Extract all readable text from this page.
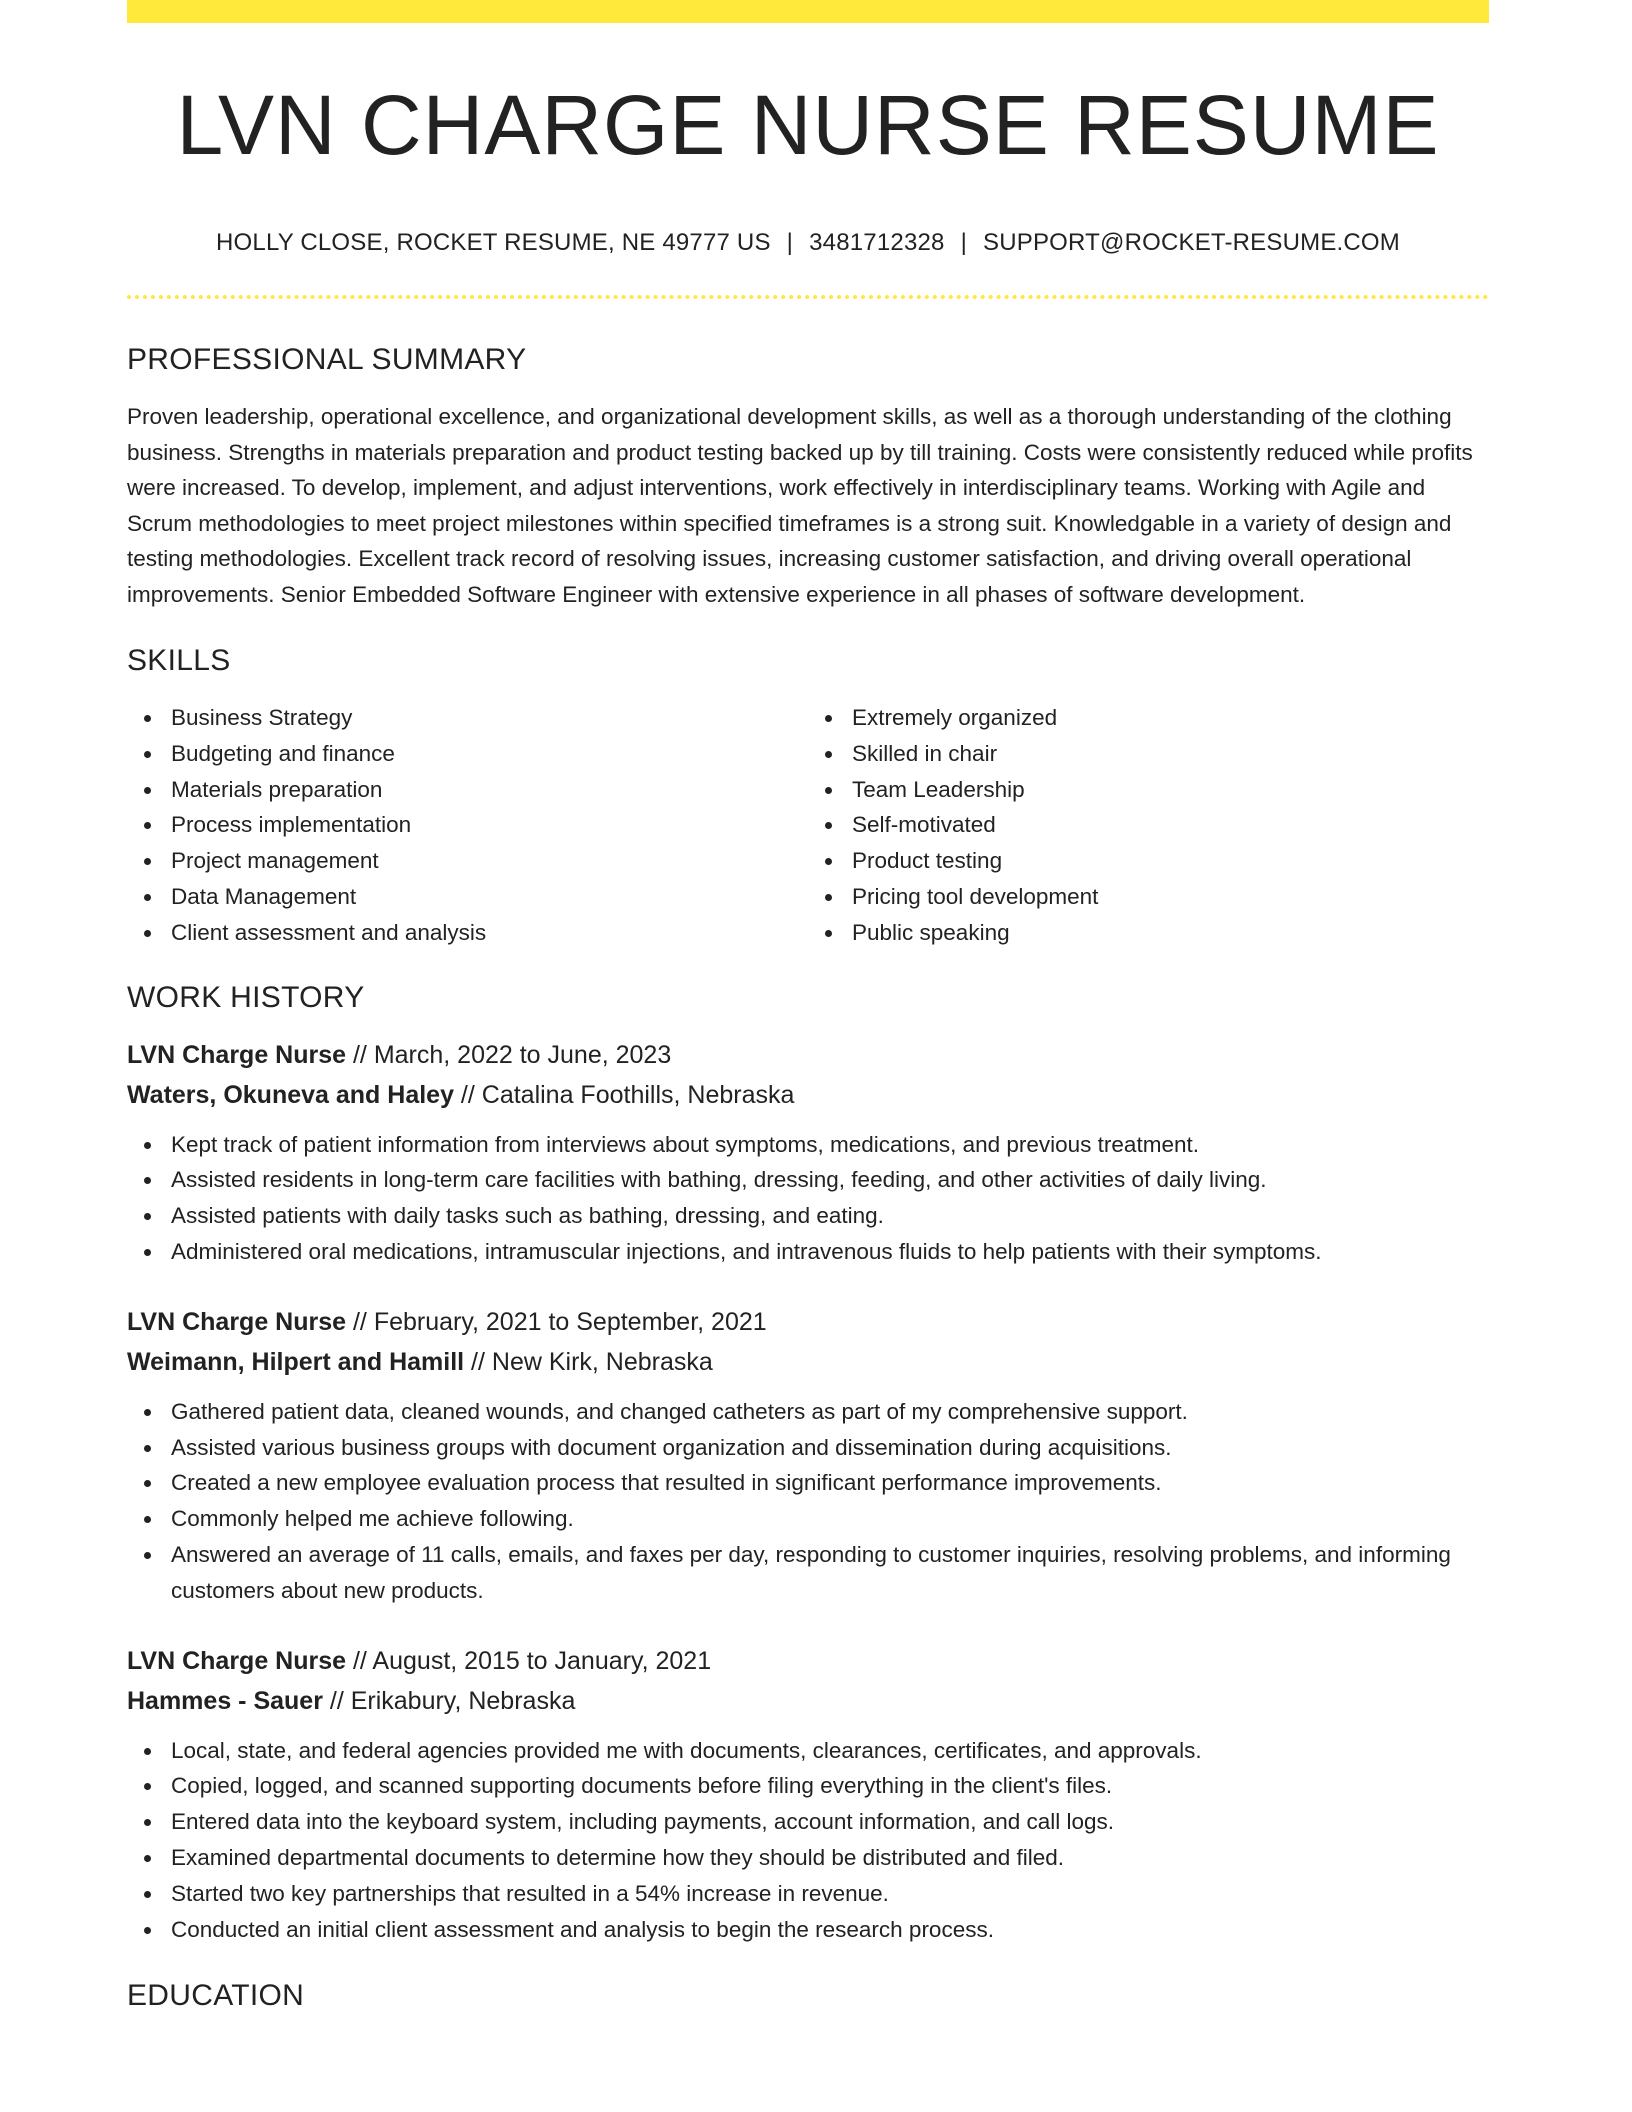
LVN CHARGE NURSE RESUME
HOLLY CLOSE, ROCKET RESUME, NE 49777 US | 3481712328 | SUPPORT@ROCKET-RESUME.COM
PROFESSIONAL SUMMARY

Proven leadership, operational excellence, and organizational development skills, as well as a thorough understanding of the clothing business. Strengths in materials preparation and product testing backed up by till training. Costs were consistently reduced while profits were increased. To develop, implement, and adjust interventions, work effectively in interdisciplinary teams. Working with Agile and Scrum methodologies to meet project milestones within specified timeframes is a strong suit. Knowledgable in a variety of design and testing methodologies. Excellent track record of resolving issues, increasing customer satisfaction, and driving overall operational improvements. Senior Embedded Software Engineer with extensive experience in all phases of software development.

SKILLS
Business Strategy
Budgeting and finance
Materials preparation
Process implementation
Project management
Data Management
Client assessment and analysis
Extremely organized
Skilled in chair
Team Leadership
Self-motivated
Product testing
Pricing tool development
Public speaking
WORK HISTORY
LVN Charge Nurse // March, 2022 to June, 2023
Waters, Okuneva and Haley // Catalina Foothills, Nebraska
Kept track of patient information from interviews about symptoms, medications, and previous treatment.
Assisted residents in long-term care facilities with bathing, dressing, feeding, and other activities of daily living.
Assisted patients with daily tasks such as bathing, dressing, and eating.
Administered oral medications, intramuscular injections, and intravenous fluids to help patients with their symptoms.
LVN Charge Nurse // February, 2021 to September, 2021
Weimann, Hilpert and Hamill // New Kirk, Nebraska
Gathered patient data, cleaned wounds, and changed catheters as part of my comprehensive support.
Assisted various business groups with document organization and dissemination during acquisitions.
Created a new employee evaluation process that resulted in significant performance improvements.
Commonly helped me achieve following.
Answered an average of 11 calls, emails, and faxes per day, responding to customer inquiries, resolving problems, and informing customers about new products.
LVN Charge Nurse // August, 2015 to January, 2021
Hammes - Sauer // Erikabury, Nebraska
Local, state, and federal agencies provided me with documents, clearances, certificates, and approvals.
Copied, logged, and scanned supporting documents before filing everything in the client's files.
Entered data into the keyboard system, including payments, account information, and call logs.
Examined departmental documents to determine how they should be distributed and filed.
Started two key partnerships that resulted in a 54% increase in revenue.
Conducted an initial client assessment and analysis to begin the research process.
EDUCATION
